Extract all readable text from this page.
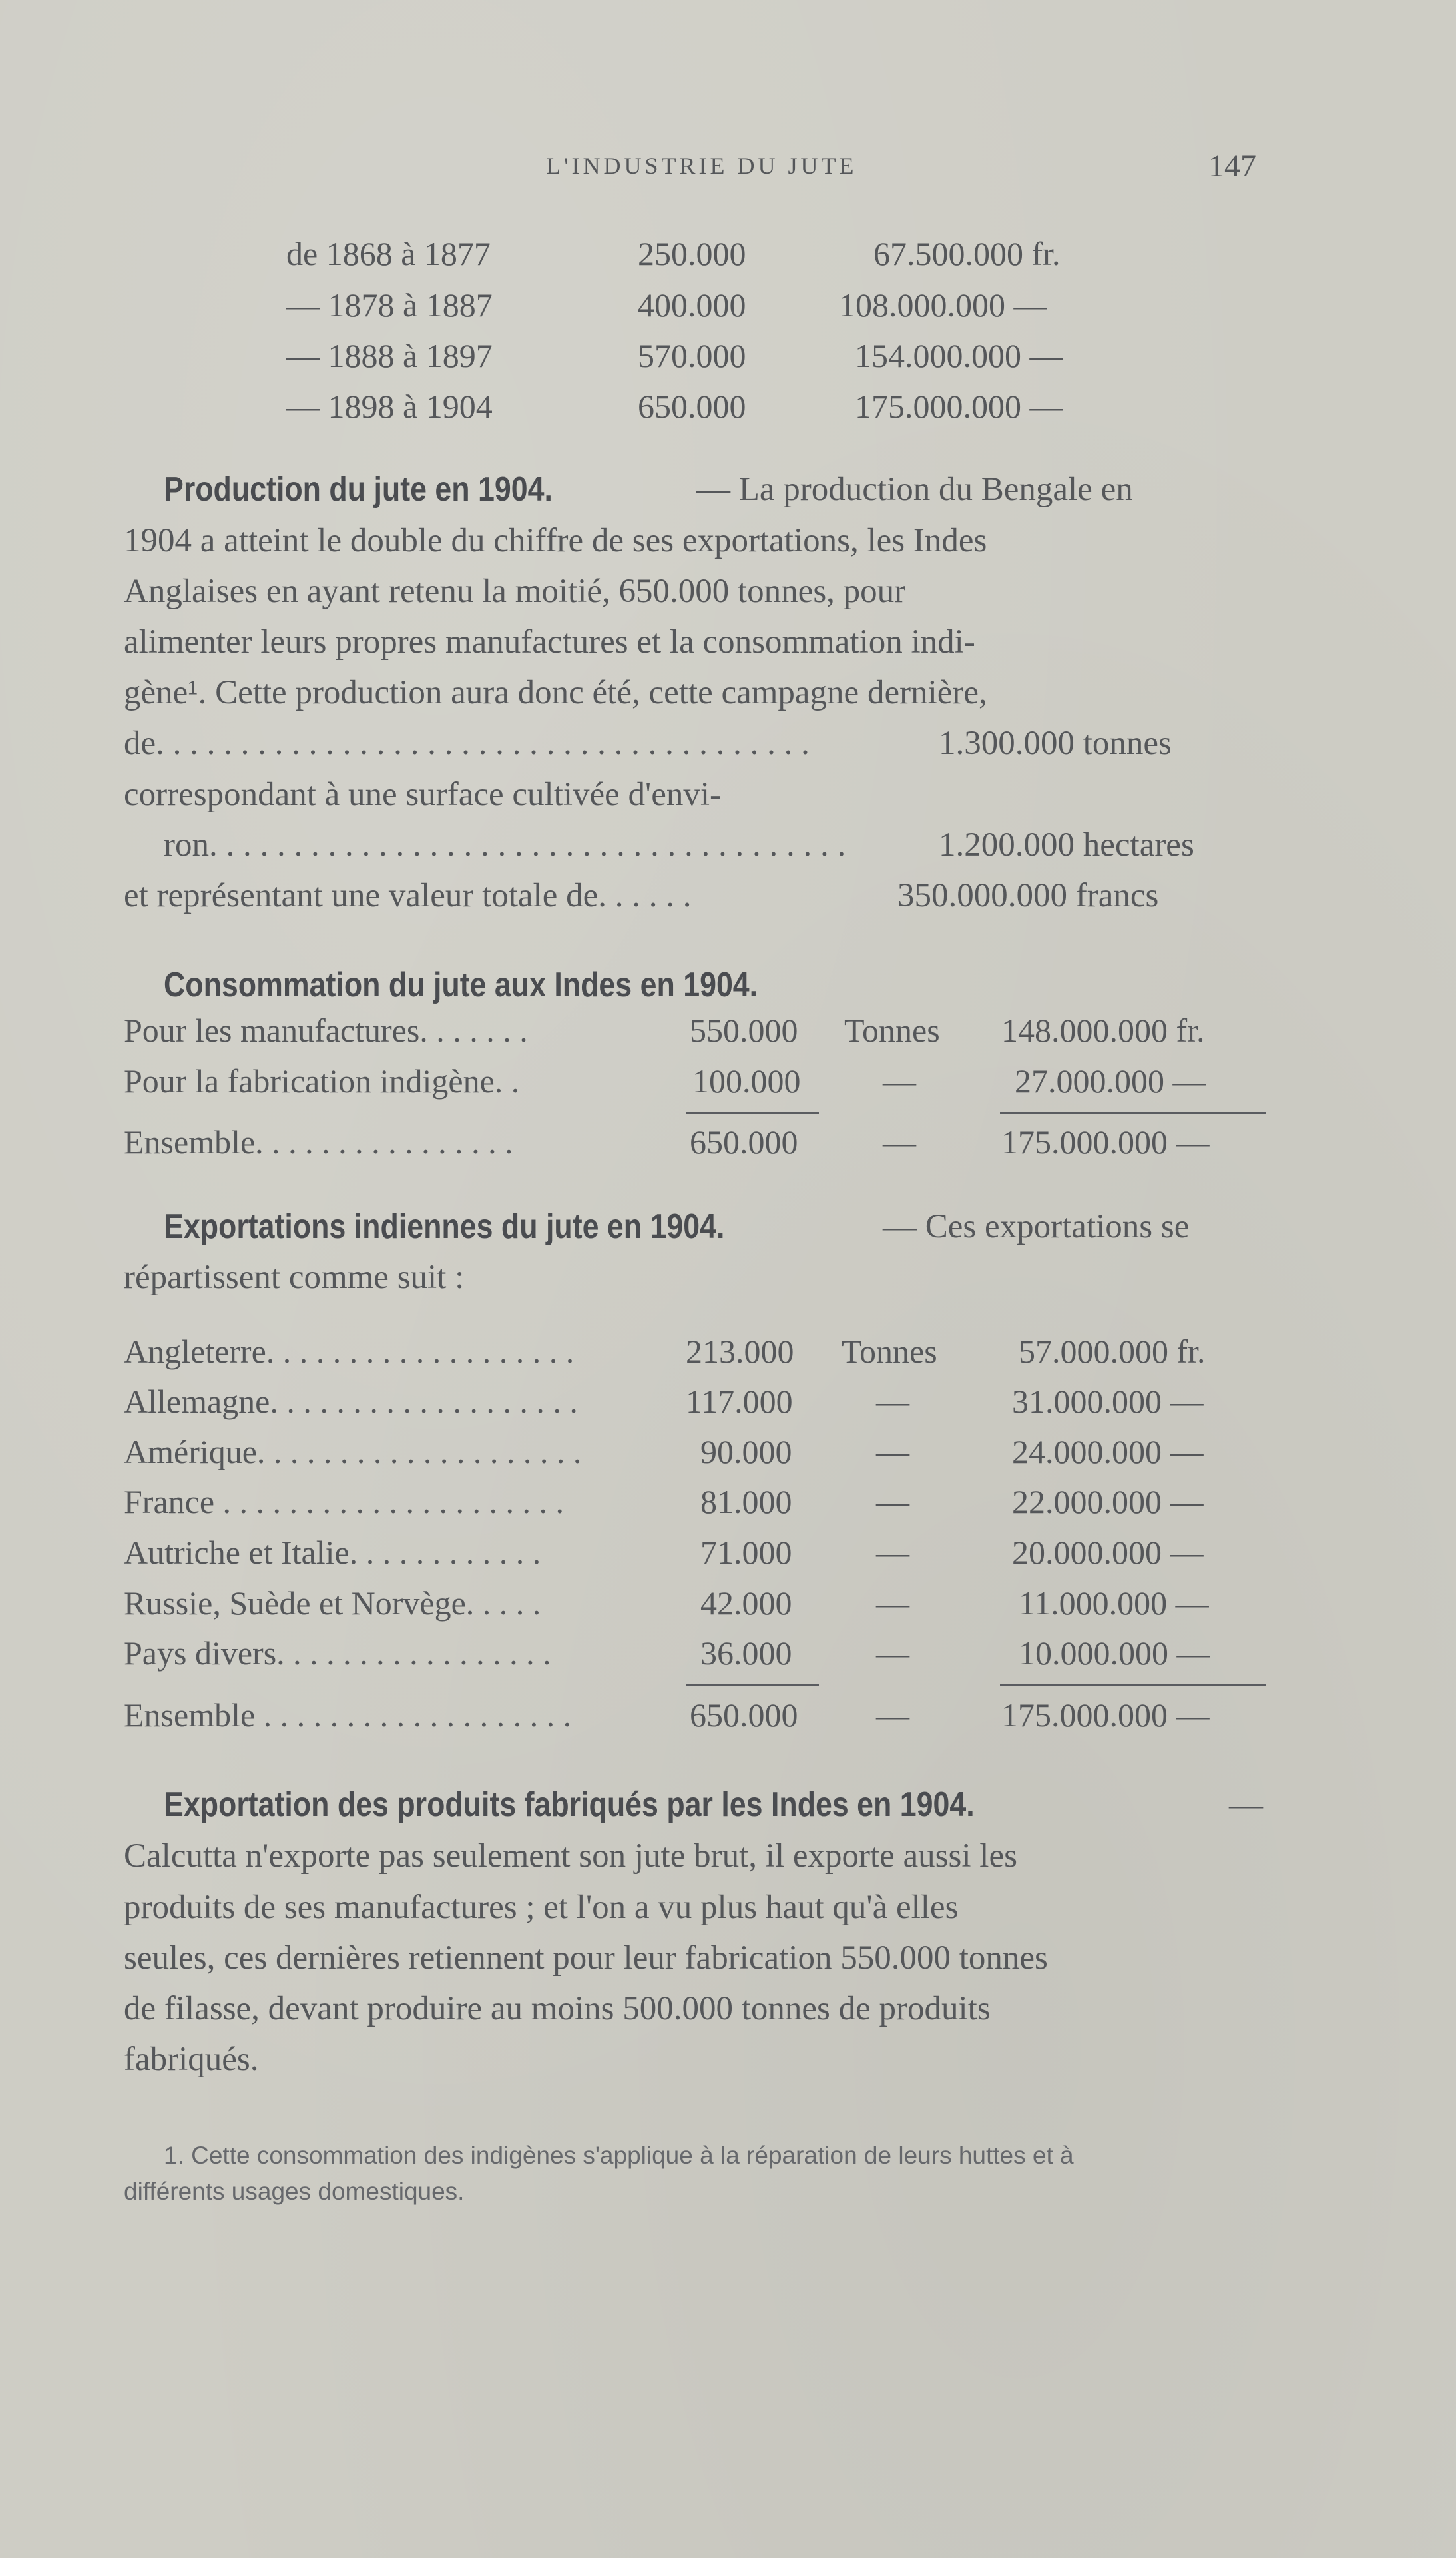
L'INDUSTRIE DU JUTE	147
de 1868 à 1877	250.000	67.500.000 fr.
— 1878 à 1887	400.000	108.000.000 —
— 1888 à 1897	570.000	154.000.000 —
— 1898 à 1904	650.000	175.000.000 —
Production du jute en 1904.	— La production du Bengale en
1904 a atteint le double du chiffre de ses exportations, les Indes
Anglaises en ayant retenu la moitié, 650.000 tonnes, pour
alimenter leurs propres manufactures et la consommation indi-
gène¹. Cette production aura donc été, cette campagne dernière,
de. . . . . . . . . . . . . . . . . . . . . . . . . . . . . . . . . . . . . . .	1.300.000 tonnes
correspondant à une surface cultivée d'envi-
ron. . . . . . . . . . . . . . . . . . . . . . . . . . . . . . . . . . . . . .	1.200.000 hectares
et représentant une valeur totale de. . . . . .	350.000.000 francs
Consommation du jute aux Indes en 1904.
Pour les manufactures. . . . . . .	550.000 Tonnes 148.000.000 fr.
Pour la fabrication indigène. .	100.000 —	27.000.000 —
Ensemble. . . . . . . . . . . . . . . .	650.000	—	175.000.000 —
Exportations indiennes du jute en 1904.	— Ces exportations se
répartissent comme suit :
Angleterre. . . . . . . . . . . . . . . . . . .	213.000 Tonnes 57.000.000 fr.
Allemagne. . . . . . . . . . . . . . . . . . .	117.000	—	31.000.000 —
Amérique. . . . . . . . . . . . . . . . . . . .	90.000	—	24.000.000 —
France . . . . . . . . . . . . . . . . . . . . .	81.000	—	22.000.000 —
Autriche et Italie. . . . . . . . . . . .	71.000	—	20.000.000 —
Russie, Suède et Norvège. . . . .	42.000	—	11.000.000 —
Pays divers. . . . . . . . . . . . . . . . .	36.000	—	10.000.000 —
Ensemble . . . . . . . . . . . . . . . . . . .	650.000 —	175.000.000 —
Exportation des produits fabriqués par les Indes en 1904.	—
Calcutta n'exporte pas seulement son jute brut, il exporte aussi les
produits de ses manufactures ; et l'on a vu plus haut qu'à elles
seules, ces dernières retiennent pour leur fabrication 550.000 tonnes
de filasse, devant produire au moins 500.000 tonnes de produits
fabriqués.
1. Cette consommation des indigènes s'applique à la réparation de leurs huttes et à
différents usages domestiques.
